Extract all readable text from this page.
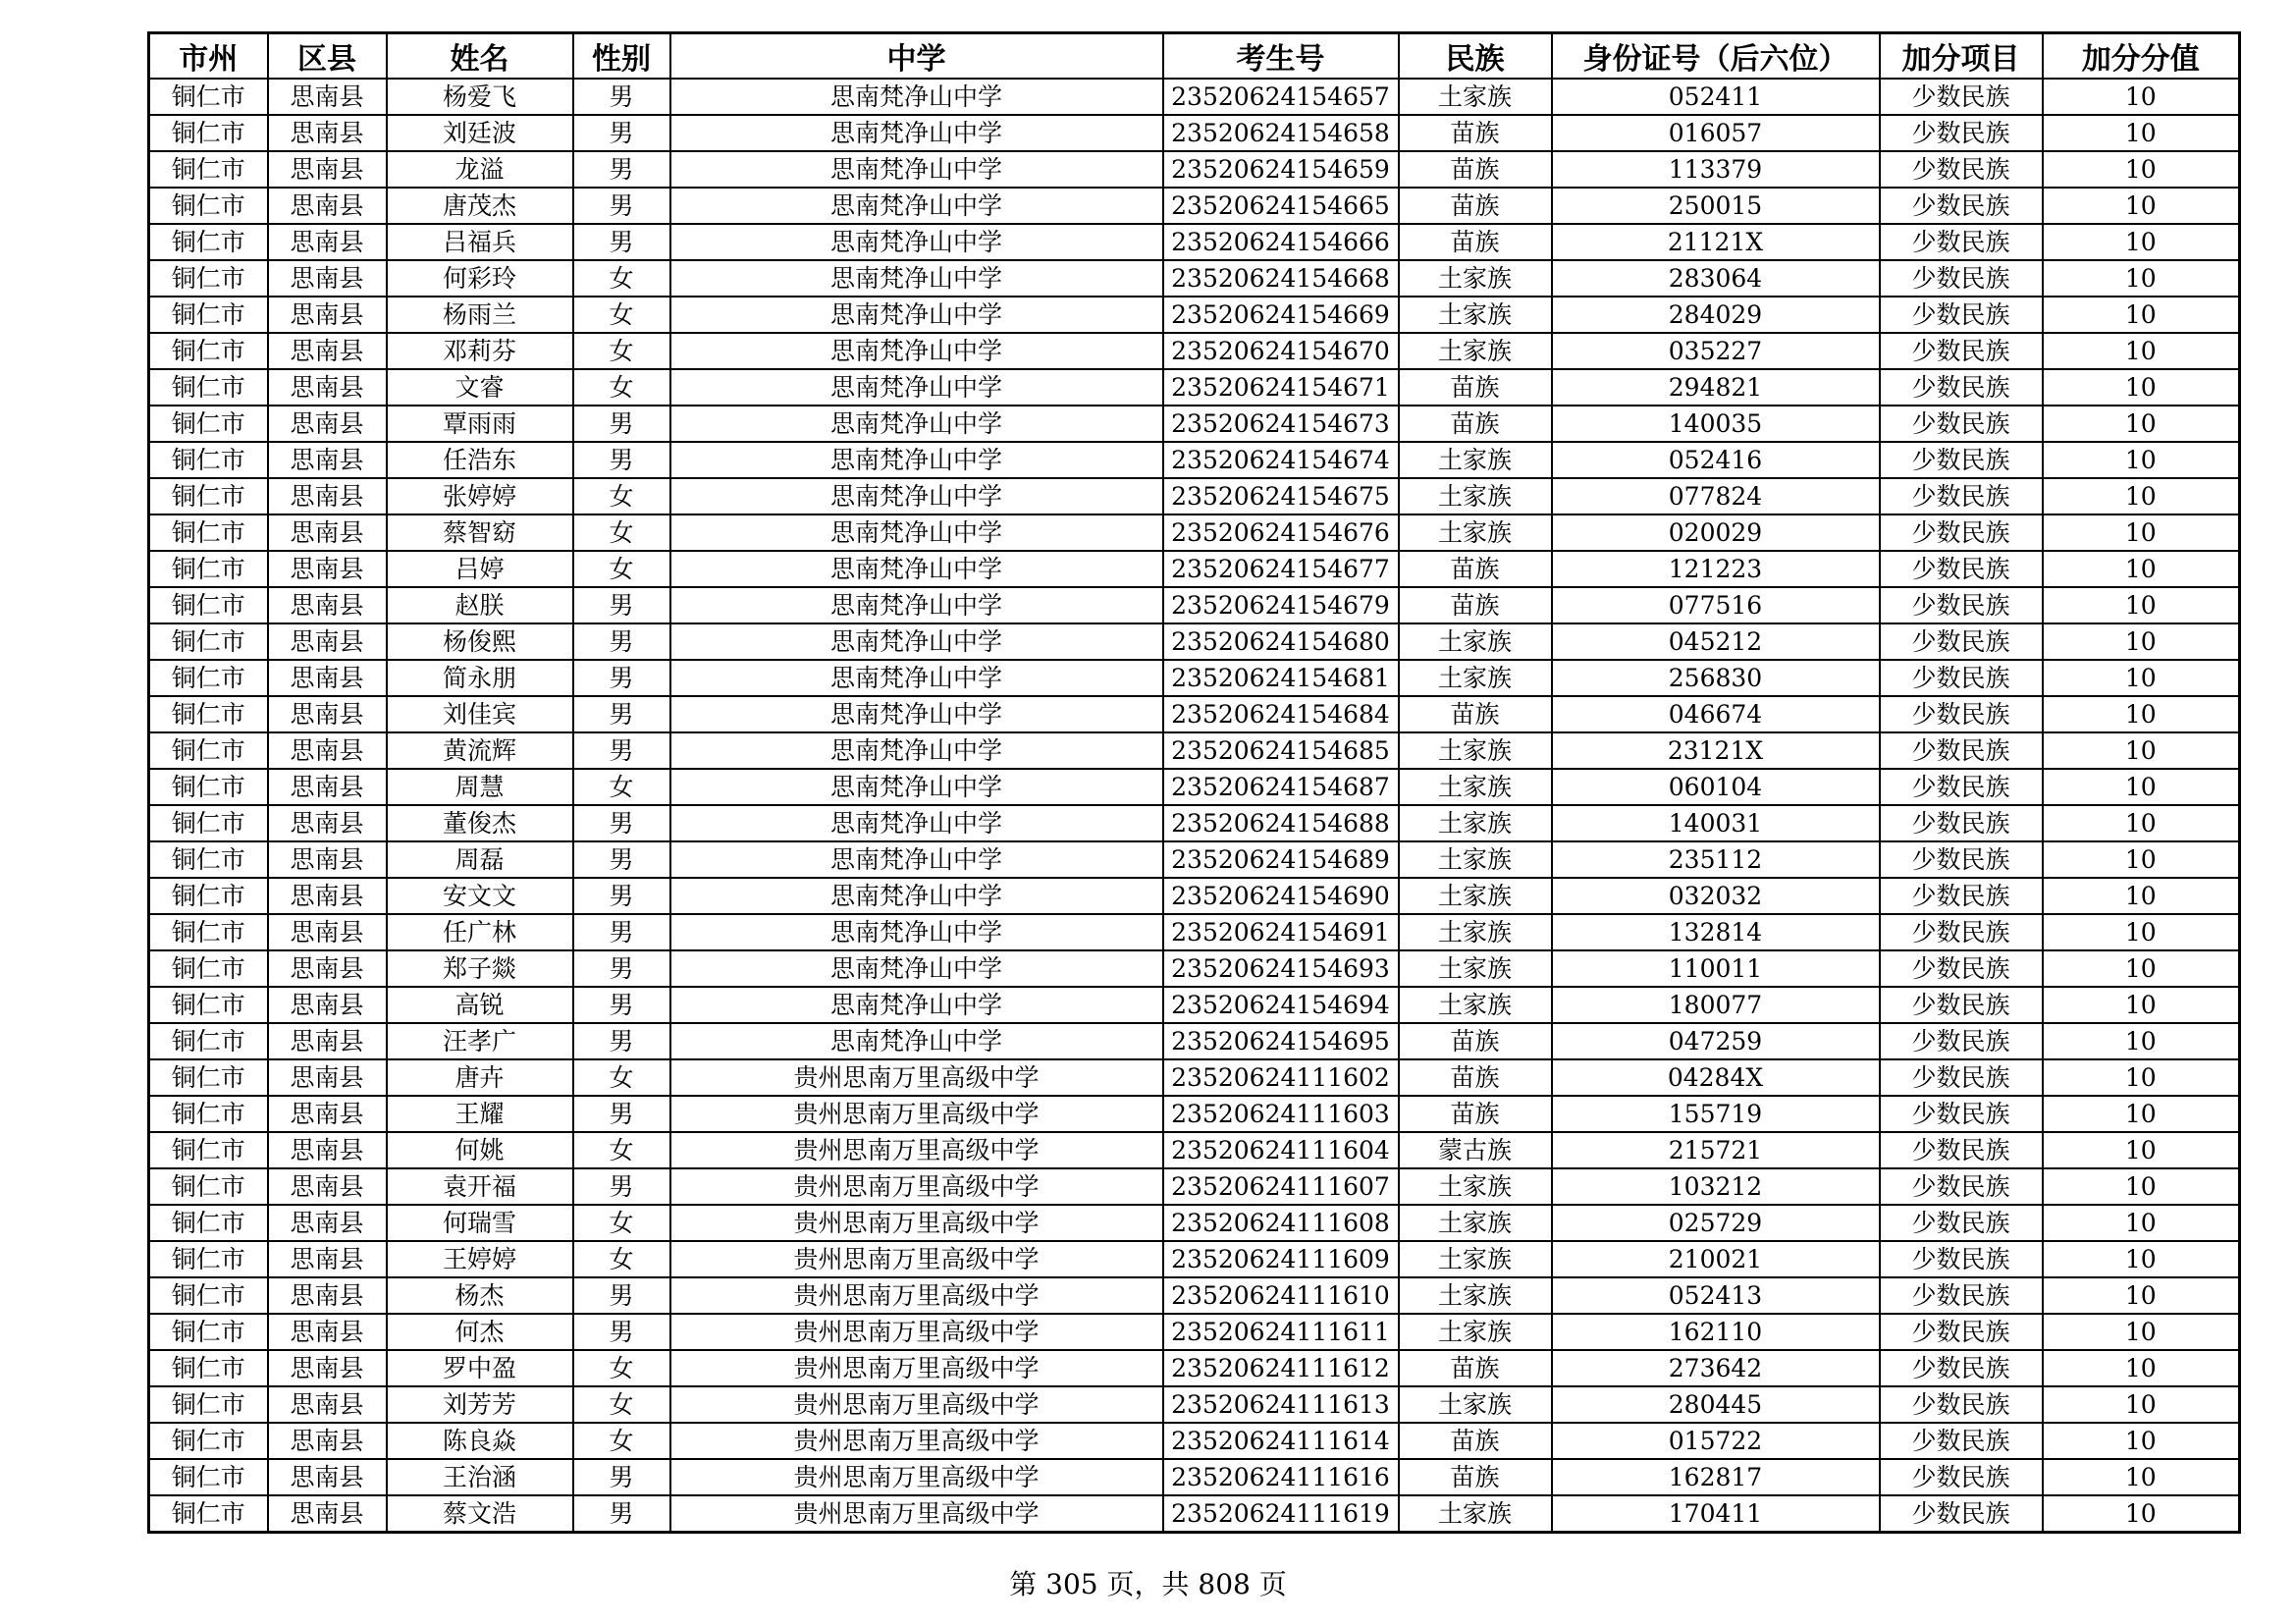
市州	区县	姓名	性别	中学	考生号	民族	身份证号（后六位）	加分项目	加分分值
铜仁市	思南县	杨爱飞	男	思南梵净山中学	23520624154657	土家族	052411	少数民族	10
铜仁市	思南县	刘廷波	男	思南梵净山中学	23520624154658	苗族	016057	少数民族	10
铜仁市	思南县	龙溢	男	思南梵净山中学	23520624154659	苗族	113379	少数民族	10
铜仁市	思南县	唐茂杰	男	思南梵净山中学	23520624154665	苗族	250015	少数民族	10
铜仁市	思南县	吕福兵	男	思南梵净山中学	23520624154666	苗族	21121X	少数民族	10
铜仁市	思南县	何彩玲	女	思南梵净山中学	23520624154668	土家族	283064	少数民族	10
铜仁市	思南县	杨雨兰	女	思南梵净山中学	23520624154669	土家族	284029	少数民族	10
铜仁市	思南县	邓莉芬	女	思南梵净山中学	23520624154670	土家族	035227	少数民族	10
铜仁市	思南县	文睿	女	思南梵净山中学	23520624154671	苗族	294821	少数民族	10
铜仁市	思南县	覃雨雨	男	思南梵净山中学	23520624154673	苗族	140035	少数民族	10
铜仁市	思南县	任浩东	男	思南梵净山中学	23520624154674	土家族	052416	少数民族	10
铜仁市	思南县	张婷婷	女	思南梵净山中学	23520624154675	土家族	077824	少数民族	10
铜仁市	思南县	蔡智窈	女	思南梵净山中学	23520624154676	土家族	020029	少数民族	10
铜仁市	思南县	吕婷	女	思南梵净山中学	23520624154677	苗族	121223	少数民族	10
铜仁市	思南县	赵朕	男	思南梵净山中学	23520624154679	苗族	077516	少数民族	10
铜仁市	思南县	杨俊熙	男	思南梵净山中学	23520624154680	土家族	045212	少数民族	10
铜仁市	思南县	简永朋	男	思南梵净山中学	23520624154681	土家族	256830	少数民族	10
铜仁市	思南县	刘佳宾	男	思南梵净山中学	23520624154684	苗族	046674	少数民族	10
铜仁市	思南县	黄流辉	男	思南梵净山中学	23520624154685	土家族	23121X	少数民族	10
铜仁市	思南县	周慧	女	思南梵净山中学	23520624154687	土家族	060104	少数民族	10
铜仁市	思南县	董俊杰	男	思南梵净山中学	23520624154688	土家族	140031	少数民族	10
铜仁市	思南县	周磊	男	思南梵净山中学	23520624154689	土家族	235112	少数民族	10
铜仁市	思南县	安文文	男	思南梵净山中学	23520624154690	土家族	032032	少数民族	10
铜仁市	思南县	任广林	男	思南梵净山中学	23520624154691	土家族	132814	少数民族	10
铜仁市	思南县	郑子燚	男	思南梵净山中学	23520624154693	土家族	110011	少数民族	10
铜仁市	思南县	高锐	男	思南梵净山中学	23520624154694	土家族	180077	少数民族	10
铜仁市	思南县	汪孝广	男	思南梵净山中学	23520624154695	苗族	047259	少数民族	10
铜仁市	思南县	唐卉	女	贵州思南万里高级中学	23520624111602	苗族	04284X	少数民族	10
铜仁市	思南县	王耀	男	贵州思南万里高级中学	23520624111603	苗族	155719	少数民族	10
铜仁市	思南县	何姚	女	贵州思南万里高级中学	23520624111604	蒙古族	215721	少数民族	10
铜仁市	思南县	袁开福	男	贵州思南万里高级中学	23520624111607	土家族	103212	少数民族	10
铜仁市	思南县	何瑞雪	女	贵州思南万里高级中学	23520624111608	土家族	025729	少数民族	10
铜仁市	思南县	王婷婷	女	贵州思南万里高级中学	23520624111609	土家族	210021	少数民族	10
铜仁市	思南县	杨杰	男	贵州思南万里高级中学	23520624111610	土家族	052413	少数民族	10
铜仁市	思南县	何杰	男	贵州思南万里高级中学	23520624111611	土家族	162110	少数民族	10
铜仁市	思南县	罗中盈	女	贵州思南万里高级中学	23520624111612	苗族	273642	少数民族	10
铜仁市	思南县	刘芳芳	女	贵州思南万里高级中学	23520624111613	土家族	280445	少数民族	10
铜仁市	思南县	陈良焱	女	贵州思南万里高级中学	23520624111614	苗族	015722	少数民族	10
铜仁市	思南县	王治涵	男	贵州思南万里高级中学	23520624111616	苗族	162817	少数民族	10
铜仁市	思南县	蔡文浩	男	贵州思南万里高级中学	23520624111619	土家族	170411	少数民族	10
第 305 页，共 808 页
